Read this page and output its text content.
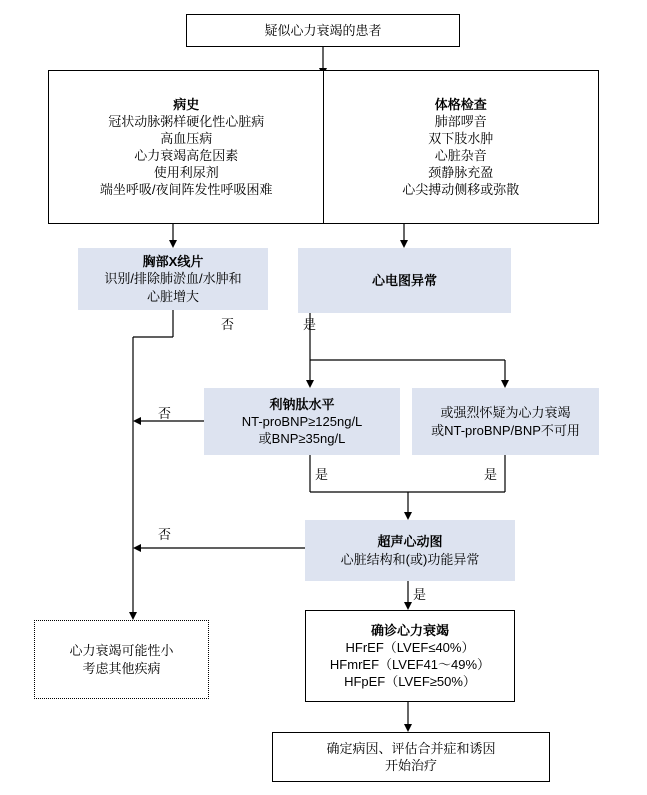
疑似心力衰竭的患者
病史
冠状动脉粥样硬化性心脏病
高血压病
心力衰竭高危因素
使用利尿剂
端坐呼吸/夜间阵发性呼吸困难
体格检查
肺部啰音
双下肢水肿
心脏杂音
颈静脉充盈
心尖搏动侧移或弥散
胸部X线片
识别/排除肺淤血/水肿和
心脏增大
心电图异常
利钠肽水平
NT-proBNP≥125ng/L
或BNP≥35ng/L
或强烈怀疑为心力衰竭
或NT-proBNP/BNP不可用
超声心动图
心脏结构和(或)功能异常
心力衰竭可能性小
考虑其他疾病
确诊心力衰竭
HFrEF（LVEF≤40%）
HFmrEF（LVEF41～49%）
HFpEF（LVEF≥50%）
确定病因、评估合并症和诱因
开始治疗
否	是
否
是	是
否
是
